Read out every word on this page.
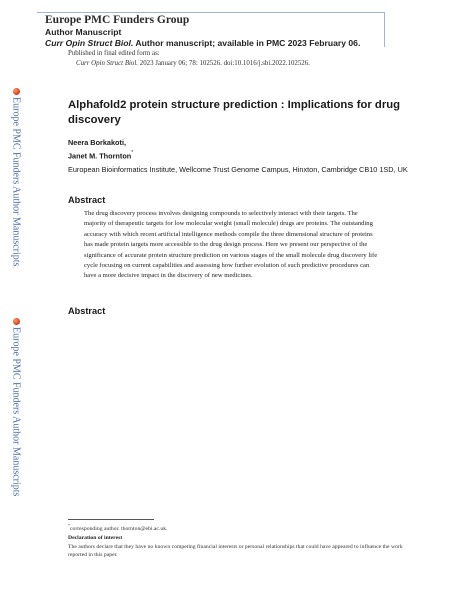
Europe PMC Funders Group
Author Manuscript
Curr Opin Struct Biol. Author manuscript; available in PMC 2023 February 06.
Published in final edited form as:
Curr Opin Struct Biol. 2023 January 06; 78: 102526. doi:10.1016/j.sbi.2022.102526.
Europe PMC Funders Author Manuscripts
Europe PMC Funders Author Manuscripts
Alphafold2 protein structure prediction : Implications for drug discovery
Neera Borkakoti,
Janet M. Thornton*
European Bioinformatics Institute, Wellcome Trust Genome Campus, Hinxton, Cambridge CB10 1SD, UK
Abstract
The drug discovery process involves designing compounds to selectively interact with their targets. The majority of therapeutic targets for low molecular weight (small molecule) drugs are proteins. The outstanding accuracy with which recent artificial intelligence methods compile the three dimensional structure of proteins has made protein targets more accessible to the drug design process. Here we present our perspective of the significance of accurate protein structure prediction on various stages of the small molecule drug discovery life cycle focusing on current capabilities and assessing how further evolution of such predictive procedures can have a more decisive impact in the discovery of new medicines.
Abstract
*corresponding author. thornton@ebi.ac.uk.
Declaration of interest
The authors declare that they have no known competing financial interests or personal relationships that could have appeared to influence the work reported in this paper.
